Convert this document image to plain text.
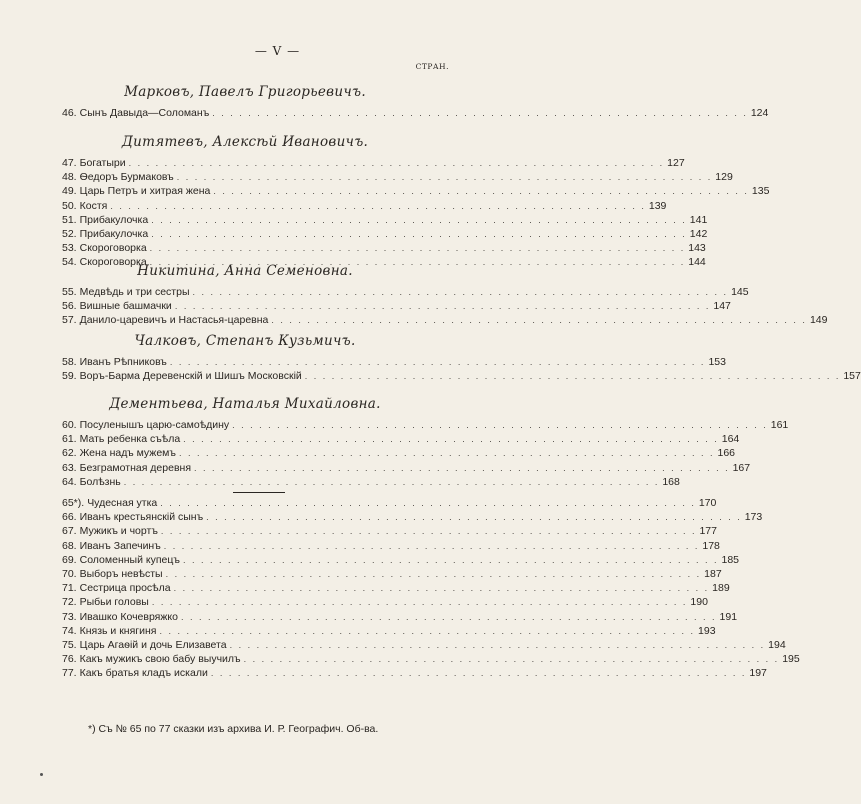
— V —
СТРАН.
Марковъ, Павелъ Григорьевичъ.
46. Сынъ Давыда—Соломанъ . . . . . . . . . . . . . . . . . . . . . . . . . . . . . . . . . . . . . . . . . . . . . . . . . . . . . . . . . . . . 124
Дитятевъ, Алексѣй Ивановичъ.
47. Богатыри . . . . . . . . . . . . . . . . . . . . . . . . . . . . . . . . . . . . . . . . . . . . . . . . . . . . . . . . . . . . 127
48. Ѳедоръ Бурмаковъ . . . . . . . . . . . . . . . . . . . . . . . . . . . . . . . . . . . . . . . . . . . . . . . . . . . . . . . . . . . . 129
49. Царь Петръ и хитрая жена . . . . . . . . . . . . . . . . . . . . . . . . . . . . . . . . . . . . . . . . . . . . . . . . . . . . . . . . . . . . 135
50. Костя . . . . . . . . . . . . . . . . . . . . . . . . . . . . . . . . . . . . . . . . . . . . . . . . . . . . . . . . . . . . 139
51. Прибакулочка . . . . . . . . . . . . . . . . . . . . . . . . . . . . . . . . . . . . . . . . . . . . . . . . . . . . . . . . . . . . 141
52. Прибакулочка . . . . . . . . . . . . . . . . . . . . . . . . . . . . . . . . . . . . . . . . . . . . . . . . . . . . . . . . . . . . 142
53. Скороговорка . . . . . . . . . . . . . . . . . . . . . . . . . . . . . . . . . . . . . . . . . . . . . . . . . . . . . . . . . . . . 143
54. Скороговорка . . . . . . . . . . . . . . . . . . . . . . . . . . . . . . . . . . . . . . . . . . . . . . . . . . . . . . . . . . . . 144
Никитина, Анна Семеновна.
55. Медвѣдь и три сестры . . . . . . . . . . . . . . . . . . . . . . . . . . . . . . . . . . . . . . . . . . . . . . . . . . . . . . . . . . . . 145
56. Вишные башмачки . . . . . . . . . . . . . . . . . . . . . . . . . . . . . . . . . . . . . . . . . . . . . . . . . . . . . . . . . . . . 147
57. Данило-царевичъ и Настасья-царевна . . . . . . . . . . . . . . . . . . . . . . . . . . . . . . . . . . . . . . . . . . . . . . . . . . . . . . . . . . . . 149
Чалковъ, Степанъ Кузьмичъ.
58. Иванъ Рѣпниковъ . . . . . . . . . . . . . . . . . . . . . . . . . . . . . . . . . . . . . . . . . . . . . . . . . . . . . . . . . . . . 153
59. Воръ-Барма Деревенскій и Шишъ Московскій . . . . . . . . . . . . . . . . . . . . . . . . . . . . . . . . . . . . . . . . . . . . . . . . . . . . . . . . . . . . 157
Дементьева, Наталья Михайловна.
60. Посуленышъ царю-самоѣдину . . . . . . . . . . . . . . . . . . . . . . . . . . . . . . . . . . . . . . . . . . . . . . . . . . . . . . . . . . . . 161
61. Мать ребенка съѣла . . . . . . . . . . . . . . . . . . . . . . . . . . . . . . . . . . . . . . . . . . . . . . . . . . . . . . . . . . . . 164
62. Жена надъ мужемъ . . . . . . . . . . . . . . . . . . . . . . . . . . . . . . . . . . . . . . . . . . . . . . . . . . . . . . . . . . . . 166
63. Безграмотная деревня . . . . . . . . . . . . . . . . . . . . . . . . . . . . . . . . . . . . . . . . . . . . . . . . . . . . . . . . . . . . 167
64. Болѣзнь . . . . . . . . . . . . . . . . . . . . . . . . . . . . . . . . . . . . . . . . . . . . . . . . . . . . . . . . . . . . 168
65*). Чудесная утка . . . . . . . . . . . . . . . . . . . . . . . . . . . . . . . . . . . . . . . . . . . . . . . . . . . . . . . . . . . . 170
66. Иванъ крестьянскій сынъ . . . . . . . . . . . . . . . . . . . . . . . . . . . . . . . . . . . . . . . . . . . . . . . . . . . . . . . . . . . . 173
67. Мужикъ и чортъ . . . . . . . . . . . . . . . . . . . . . . . . . . . . . . . . . . . . . . . . . . . . . . . . . . . . . . . . . . . . 177
68. Иванъ Запечинъ . . . . . . . . . . . . . . . . . . . . . . . . . . . . . . . . . . . . . . . . . . . . . . . . . . . . . . . . . . . . 178
69. Соломенный купецъ . . . . . . . . . . . . . . . . . . . . . . . . . . . . . . . . . . . . . . . . . . . . . . . . . . . . . . . . . . . . 185
70. Выборъ невѣсты . . . . . . . . . . . . . . . . . . . . . . . . . . . . . . . . . . . . . . . . . . . . . . . . . . . . . . . . . . . . 187
71. Сестрица просѣла . . . . . . . . . . . . . . . . . . . . . . . . . . . . . . . . . . . . . . . . . . . . . . . . . . . . . . . . . . . . 189
72. Рыбьи головы . . . . . . . . . . . . . . . . . . . . . . . . . . . . . . . . . . . . . . . . . . . . . . . . . . . . . . . . . . . . 190
73. Ивашко Кочевряжко . . . . . . . . . . . . . . . . . . . . . . . . . . . . . . . . . . . . . . . . . . . . . . . . . . . . . . . . . . . . 191
74. Князь и княгиня . . . . . . . . . . . . . . . . . . . . . . . . . . . . . . . . . . . . . . . . . . . . . . . . . . . . . . . . . . . . 193
75. Царь Агаѳій и дочь Елизавета . . . . . . . . . . . . . . . . . . . . . . . . . . . . . . . . . . . . . . . . . . . . . . . . . . . . . . . . . . . . 194
76. Какъ мужикъ свою бабу выучилъ . . . . . . . . . . . . . . . . . . . . . . . . . . . . . . . . . . . . . . . . . . . . . . . . . . . . . . . . . . . . 195
77. Какъ братья кладъ искали . . . . . . . . . . . . . . . . . . . . . . . . . . . . . . . . . . . . . . . . . . . . . . . . . . . . . . . . . . . . 197
*) Съ № 65 по 77 сказки изъ архива И. Р. Географич. Об-ва.
